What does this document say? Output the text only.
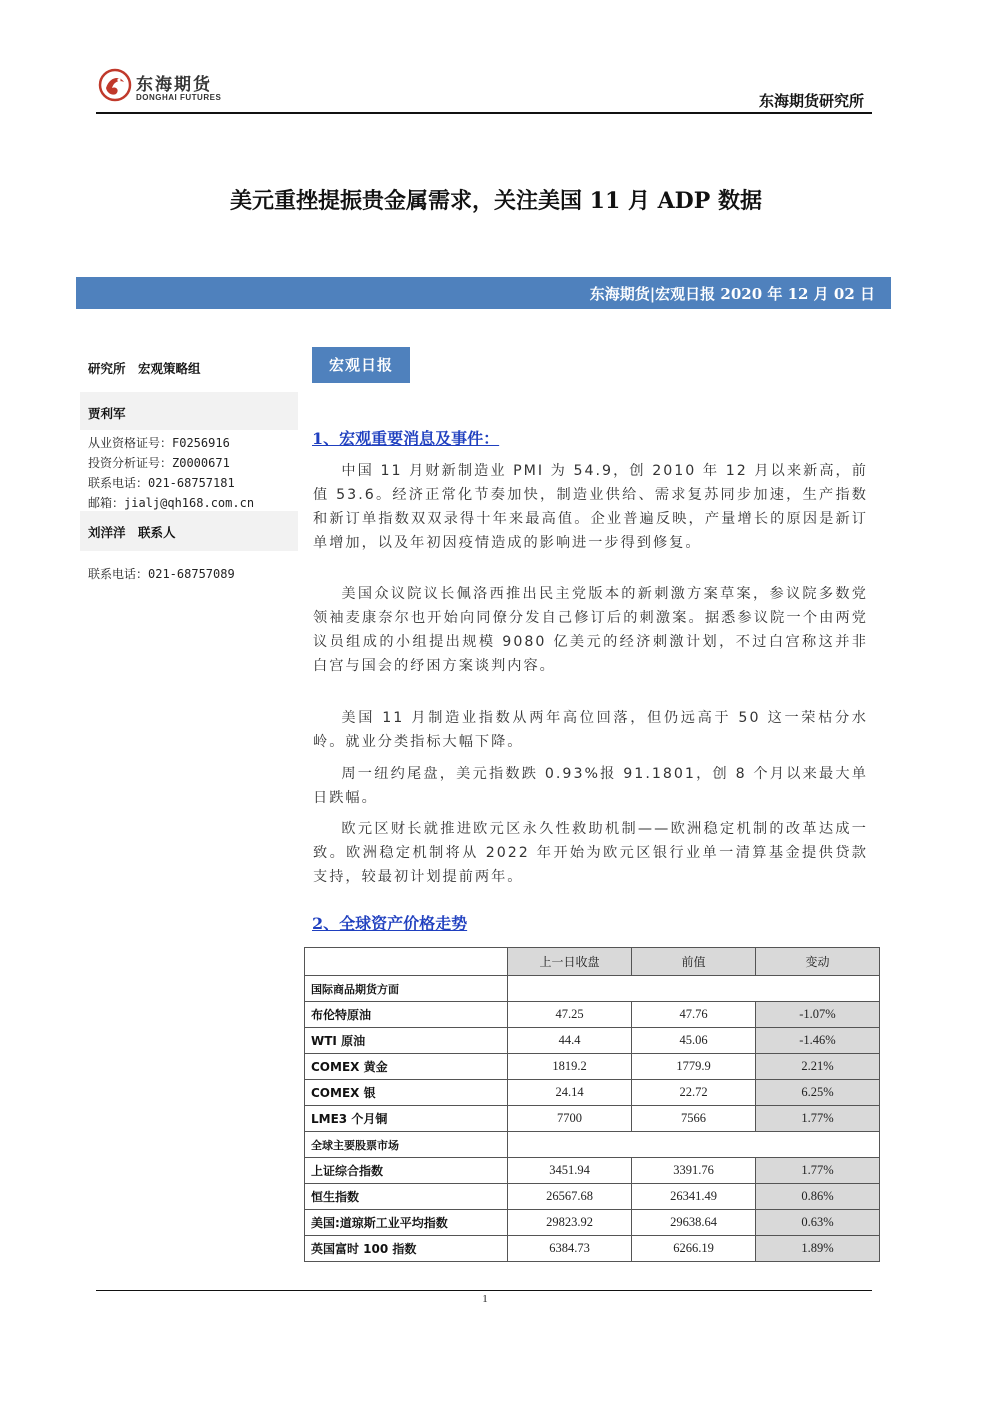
东海期货
DONGHAI FUTURES	东海期货研究所
美元重挫提振贵金属需求，关注美国 11 月 ADP 数据
东海期货|宏观日报 2020 年 12 月 02 日
研究所　宏观策略组
贾利军
从业资格证号：F0256916
投资分析证号：Z0000671
联系电话：021-68757181
邮箱：jialj@qh168.com.cn
刘洋洋　联系人
联系电话：021-68757089
宏观日报
1、宏观重要消息及事件：

中国 11 月财新制造业 PMI 为 54.9，创 2010 年 12 月以来新高，前值 53.6。经济正常化节奏加快，制造业供给、需求复苏同步加速，生产指数和新订单指数双双录得十年来最高值。企业普遍反映，产量增长的原因是新订单增加，以及年初因疫情造成的影响进一步得到修复。

美国众议院议长佩洛西推出民主党版本的新刺激方案草案，参议院多数党领袖麦康奈尔也开始向同僚分发自己修订后的刺激案。据悉参议院一个由两党议员组成的小组提出规模 9080 亿美元的经济刺激计划，不过白宫称这并非白宫与国会的纾困方案谈判内容。

美国 11 月制造业指数从两年高位回落，但仍远高于 50 这一荣枯分水岭。就业分类指标大幅下降。

周一纽约尾盘，美元指数跌 0.93%报 91.1801，创 8 个月以来最大单日跌幅。

欧元区财长就推进欧元区永久性救助机制——欧洲稳定机制的改革达成一致。欧洲稳定机制将从 2022 年开始为欧元区银行业单一清算基金提供贷款支持，较最初计划提前两年。

2、全球资产价格走势
	上一日收盘	前值	变动
国际商品期货方面			
布伦特原油	47.25	47.76	-1.07%
WTI 原油	44.4	45.06	-1.46%
COMEX 黄金	1819.2	1779.9	2.21%
COMEX 银	24.14	22.72	6.25%
LME3 个月铜	7700	7566	1.77%
全球主要股票市场			
上证综合指数	3451.94	3391.76	1.77%
恒生指数	26567.68	26341.49	0.86%
美国:道琼斯工业平均指数	29823.92	29638.64	0.63%
英国富时 100 指数	6384.73	6266.19	1.89%
1
